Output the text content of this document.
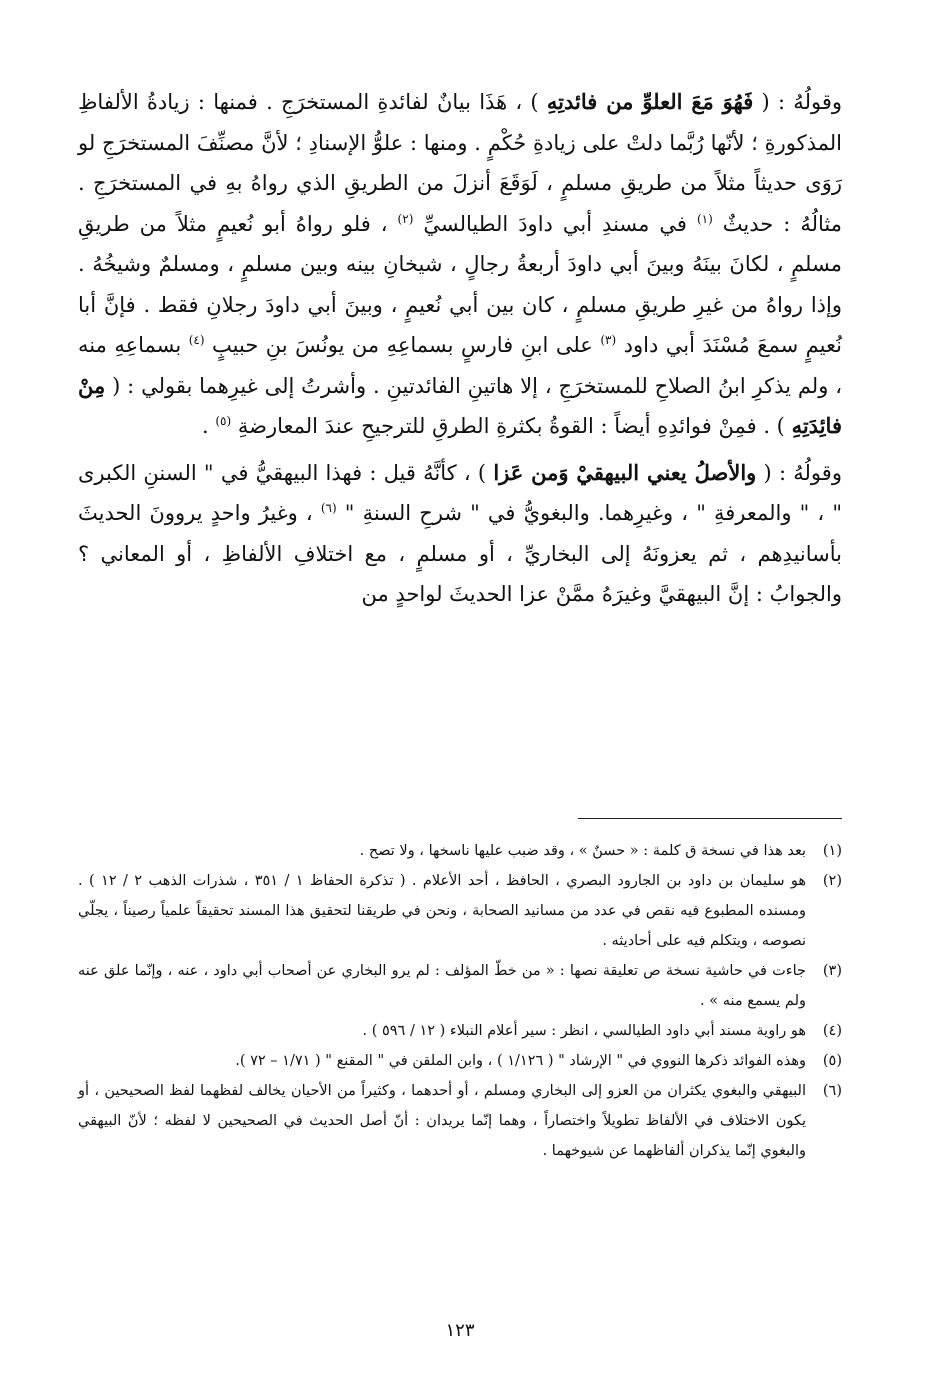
وقولُهُ : ( فَهُوَ مَعَ العلوِّ من فائدتِهِ ) ، هَذَا بيانٌ لفائدةِ المستخرَجِ . فمنها : زيادةُ الألفاظِ المذكورةِ ؛ لأنّها رُبَّما دلتْ على زيادةِ حُكْمٍ . ومنها : علوُّ الإسنادِ ؛ لأنَّ مصنِّفَ المستخرَجِ لو رَوَى حديثاً مثلاً من طريقِ مسلمٍ ، لَوَقَعَ أنزلَ من الطريقِ الذي رواهُ بهِ في المستخرَجِ . مثالُهُ : حديثٌ $^{(١)}$ في مسندِ أبي داودَ الطيالسيِّ $^{(٢)}$ ، فلو رواهُ أبو نُعيمٍ مثلاً من طريقِ مسلمٍ ، لكانَ بينَهُ وبينَ أبي داودَ أربعةُ رجالٍ ، شيخانِ بينه وبين مسلمٍ ، ومسلمٌ وشيخُهُ . وإذا رواهُ من غيرِ طريقِ مسلمٍ ، كان بين أبي نُعيمٍ ، وبينَ أبي داودَ رجلانِ فقط . فإنَّ أبا نُعيمٍ سمعَ مُسْنَدَ أبي داود $^{(٣)}$ على ابنِ فارسٍ بسماعِهِ من يونُسَ بنِ حبيبٍ $^{(٤)}$ بسماعِهِ منه ، ولم يذكرِ ابنُ الصلاحِ للمستخرَجِ ، إلا هاتينِ الفائدتينِ . وأشرتُ إلى غيرِهما بقولي : ( مِنْ فائِدَتِهِ ) . فمِنْ فوائدِهِ أيضاً : القوةُ بكثرةِ الطرقِ للترجيحِ عندَ المعارضةِ $^{(٥)}$ .

وقولُهُ : ( والأصلُ يعني البيهقيْ وَمن عَزا ) ، كأنَّهُ قيل : فهذا البيهقيُّ في " السننِ الكبرى " ، " والمعرفةِ " ، وغيرِهما. والبغويُّ في " شرحِ السنةِ " $^{(٦)}$ ، وغيرُ واحدٍ يروونَ الحديثَ بأسانيدِهم ، ثم يعزونَهُ إلى البخاريِّ ، أو مسلمٍ ، مع اختلافِ الألفاظِ ، أو المعاني ؟ والجوابُ : إنَّ البيهقيَّ وغيرَهُ ممَّنْ عزا الحديثَ لواحدٍ من

(١)
بعد هذا في نسخة ق كلمة : « حسنٌ » ، وقد ضبب عليها ناسخها ، ولا تصح .

(٢)
هو سليمان بن داود بن الجارود البصري ، الحافظ ، أحد الأعلام . ( تذكرة الحفاظ ١ / ٣٥١ ، شذرات الذهب ٢ / ١٢ ) . ومسنده المطبوع فيه نقص في عدد من مسانيد الصحابة ، ونحن في طريقنا لتحقيق هذا المسند تحقيقاً علمياً رصيناً ، يجلّي نصوصه ، ويتكلم فيه على أحاديثه .

(٣)
جاءت في حاشية نسخة ص تعليقة نصها : « من خطّ المؤلف : لم يرو البخاري عن أصحاب أبي داود ، عنه ، وإنّما علق عنه ولم يسمع منه » .

(٤)
هو راوية مسند أبي داود الطيالسي ، انظر : سير أعلام النبلاء ( ١٢ / ٥٩٦ ) .

(٥)
وهذه الفوائد ذكرها النووي في " الإرشاد " ( ١/١٢٦ ) ، وابن الملقن في " المقنع " ( ١/٧١ – ٧٢ ).

(٦)
البيهقي والبغوي يكثران من العزو إلى البخاري ومسلم ، أو أحدهما ، وكثيراً من الأحيان يخالف لفظهما لفظ الصحيحين ، أو يكون الاختلاف في الألفاظ تطويلاً واختصاراً ، وهما إنّما يريدان : أنّ أصل الحديث في الصحيحين لا لفظه ؛ لأنّ البيهقي والبغوي إنّما يذكران ألفاظهما عن شيوخهما .

١٢٣
